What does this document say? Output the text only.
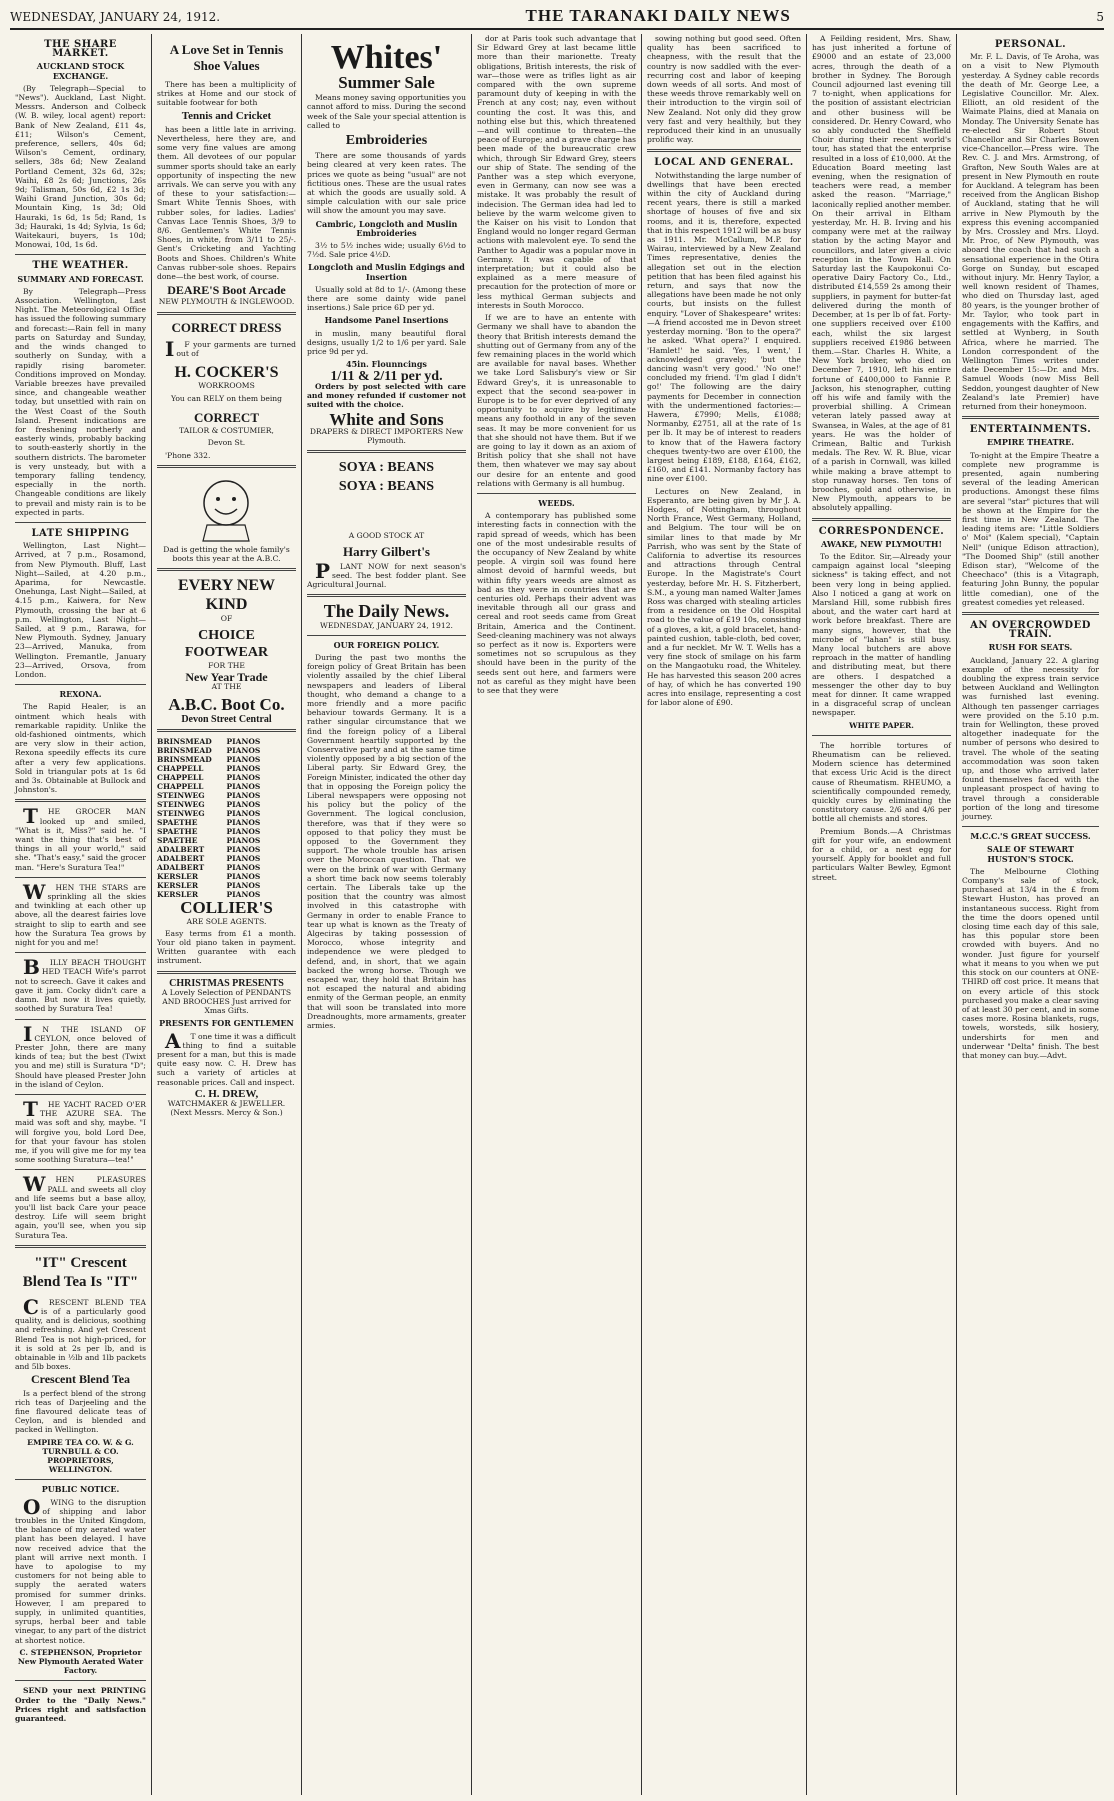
WEDNESDAY, JANUARY 24, 1912.	THE TARANAKI DAILY NEWS	5
THE SHARE MARKET.
AUCKLAND STOCK EXCHANGE.

(By Telegraph—Special to "News"). Auckland, Last Night. Messrs. Anderson and Colbeck (W. B. wiley, local agent) report: Bank of New Zealand, £11 4s, £11; Wilson's Cement, preference, sellers, 40s 6d; Wilson's Cement, ordinary, sellers, 38s 6d; New Zealand Portland Cement, 32s 6d, 32s; Waihi, £8 2s 6d; Junctions, 26s 9d; Talisman, 50s 6d, £2 1s 3d; Waihi Grand Junction, 30s 6d; Mountain King, 1s 3d; Old Hauraki, 1s 6d, 1s 5d; Rand, 1s 3d; Hauraki, 1s 4d; Sylvia, 1s 6d; Waitekauri, buyers, 1s 10d; Monowai, 10d, 1s 6d.

THE WEATHER.
SUMMARY AND FORECAST.

By Telegraph—Press Association. Wellington, Last Night. The Meteorological Office has issued the following summary and forecast:—Rain fell in many parts on Saturday and Sunday, and the winds changed to southerly on Sunday, with a rapidly rising barometer. Conditions improved on Monday. Variable breezes have prevailed since, and changeable weather today, but unsettled with rain on the West Coast of the South Island. Present indications are for freshening northerly and easterly winds, probably backing to south-easterly shortly in the southern districts. The barometer is very unsteady, but with a temporary falling tendency, especially in the north. Changeable conditions are likely to prevail and misty rain is to be expected in parts.

LATE SHIPPING

Wellington, Last Night—Arrived, at 7 p.m., Rosamond, from New Plymouth. Bluff, Last Night—Sailed, at 4.20 p.m., Aparima, for Newcastle. Onehunga, Last Night—Sailed, at 4.15 p.m., Kaiwera, for New Plymouth, crossing the bar at 6 p.m. Wellington, Last Night—Sailed, at 9 p.m., Rarawa, for New Plymouth. Sydney, January 23—Arrived, Manuka, from Wellington. Fremantle, January 23—Arrived, Orsova, from London.

REXONA.

The Rapid Healer, is an ointment which heals with remarkable rapidity. Unlike the old-fashioned ointments, which are very slow in their action, Rexona speedily effects its cure after a very few applications. Sold in triangular pots at 1s 6d and 3s. Obtainable at Bullock and Johnston's.

THE GROCER MAN looked up and smiled, "What is it, Miss?" said he. "I want the thing that's best of things in all your world," said she. "That's easy," said the grocer man. "Here's Suratura Tea!"

WHEN THE STARS are sprinkling all the skies and twinkling at each other up above, all the dearest fairies love straight to slip to earth and see how the Suratura Tea grows by night for you and me!

BILLY BEACH THOUGHT HED TEACH Wife's parrot not to screech. Gave it cakes and gave it jam. Cocky didn't care a damn. But now it lives quietly, soothed by Suratura Tea!

IN THE ISLAND OF CEYLON, once beloved of Prester John, there are many kinds of tea; but the best (Twixt you and me) still is Suratura "D"; Should have pleased Prester John in the island of Ceylon.

THE YACHT RACED O'ER THE AZURE SEA. The maid was soft and shy, maybe. "I will forgive you, bold Lord Dee, for that your favour has stolen me, if you will give me for my tea some soothing Suratura—tea!"

WHEN PLEASURES PALL and sweets all cloy and life seems but a base alloy, you'll list back Care your peace destroy. Life will seem bright again, you'll see, when you sip Suratura Tea.

"IT" Crescent Blend Tea Is "IT"

CRESCENT BLEND TEA is of a particularly good quality, and is delicious, soothing and refreshing. And yet Crescent Blend Tea is not high-priced, for it is sold at 2s per lb, and is obtainable in ½lb and 1lb packets and 5lb boxes.

Crescent Blend Tea

Is a perfect blend of the strong rich teas of Darjeeling and the fine flavoured delicate teas of Ceylon, and is blended and packed in Wellington.

EMPIRE TEA CO. W. & G. TURNBULL & CO. PROPRIETORS, WELLINGTON.

PUBLIC NOTICE.

OWING to the disruption of shipping and labor troubles in the United Kingdom, the balance of my aerated water plant has been delayed. I have now received advice that the plant will arrive next month. I have to apologise to my customers for not being able to supply the aerated waters promised for summer drinks. However, I am prepared to supply, in unlimited quantities, syrups, herbal beer and table vinegar, to any part of the district at shortest notice.

C. STEPHENSON, Proprietor New Plymouth Aerated Water Factory.

SEND your next PRINTING Order to the "Daily News." Prices right and satisfaction guaranteed.

A Love Set in Tennis Shoe Values

There has been a multiplicity of strikes at Home and our stock of suitable footwear for both

Tennis and Cricket

has been a little late in arriving. Nevertheless, here they are, and some very fine values are among them. All devotees of our popular summer sports should take an early opportunity of inspecting the new arrivals. We can serve you with any of these to your satisfaction:— Smart White Tennis Shoes, with rubber soles, for ladies. Ladies' Canvas Lace Tennis Shoes, 3/9 to 8/6. Gentlemen's White Tennis Shoes, in white, from 3/11 to 25/-. Gent's Cricketing and Yachting Boots and Shoes. Children's White Canvas rubber-sole shoes. Repairs done—the best work, of course.

DEARE'S Boot Arcade

NEW PLYMOUTH & INGLEWOOD.

CORRECT DRESS

IF your garments are turned out of

H. COCKER'S

WORKROOMS

You can RELY on them being

CORRECT

TAILOR & COSTUMIER,

Devon St.

'Phone 332.

Dad is getting the whole family's boots this year at the A.B.C.

EVERY NEW KIND

OF

CHOICE FOOTWEAR

FOR THE

New Year Trade

AT THE

A.B.C. Boot Co.
Devon Street Central
BRINSMEAD	PIANOS
BRINSMEAD	PIANOS
BRINSMEAD	PIANOS
CHAPPELL	PIANOS
CHAPPELL	PIANOS
CHAPPELL	PIANOS
STEINWEG	PIANOS
STEINWEG	PIANOS
STEINWEG	PIANOS
SPAETHE	PIANOS
SPAETHE	PIANOS
SPAETHE	PIANOS
ADALBERT	PIANOS
ADALBERT	PIANOS
ADALBERT	PIANOS
KERSLER	PIANOS
KERSLER	PIANOS
KERSLER	PIANOS
COLLIER'S

ARE SOLE AGENTS.

Easy terms from £1 a month. Your old piano taken in payment. Written guarantee with each instrument.

CHRISTMAS PRESENTS

A Lovely Selection of PENDANTS AND BROOCHES Just arrived for Xmas Gifts.

PRESENTS FOR GENTLEMEN

AT one time it was a difficult thing to find a suitable present for a man, but this is made quite easy now. C. H. Drew has such a variety of articles at reasonable prices. Call and inspect.

C. H. DREW,

WATCHMAKER & JEWELLER. (Next Messrs. Mercy & Son.)

Whites'
Summer Sale

Means money saving opportunities you cannot afford to miss. During the second week of the Sale your special attention is called to

Embroideries

There are some thousands of yards being cleared at very keen rates. The prices we quote as being "usual" are not fictitious ones. These are the usual rates at which the goods are usually sold. A simple calculation with our sale price will show the amount you may save.

Cambric, Longcloth and Muslin Embroideries

3½ to 5½ inches wide; usually 6½d to 7½d. Sale price 4½D.

Longcloth and Muslin Edgings and Insertion

Usually sold at 8d to 1/-. (Among these there are some dainty wide panel insertions.) Sale price 6D per yd.

Handsome Panel Insertions

in muslin, many beautiful floral designs, usually 1/2 to 1/6 per yard. Sale price 9d per yd.

45in. Flounncings
1/11 & 2/11 per yd.

Orders by post selected with care and money refunded if customer not suited with the choice.

White and Sons

DRAPERS & DIRECT IMPORTERS New Plymouth.

SOYA : BEANS
SOYA : BEANS

A GOOD STOCK AT

Harry Gilbert's

PLANT NOW for next season's seed. The best fodder plant. See Agricultural Journal.

The Daily News.

WEDNESDAY, JANUARY 24, 1912.

OUR FOREIGN POLICY.

During the past two months the foreign policy of Great Britain has been violently assailed by the chief Liberal newspapers and leaders of Liberal thought, who demand a change to a more friendly and a more pacific behaviour towards Germany. It is a rather singular circumstance that we find the foreign policy of a Liberal Government heartily supported by the Conservative party and at the same time violently opposed by a big section of the Liberal party. Sir Edward Grey, the Foreign Minister, indicated the other day that in opposing the Foreign policy the Liberal newspapers were opposing not his policy but the policy of the Government. The logical conclusion, therefore, was that if they were so opposed to that policy they must be opposed to the Government they support. The whole trouble has arisen over the Moroccan question. That we were on the brink of war with Germany a short time back now seems tolerably certain. The Liberals take up the position that the country was almost involved in this catastrophe with Germany in order to enable France to tear up what is known as the Treaty of Algeciras by taking possession of Morocco, whose integrity and independence we were pledged to defend, and, in short, that we again backed the wrong horse. Though we escaped war, they hold that Britain has not escaped the natural and abiding enmity of the German people, an enmity that will soon be translated into more Dreadnoughts, more armaments, greater armies.

dor at Paris took such advantage that Sir Edward Grey at last became little more than their marionette. Treaty obligations, British interests, the risk of war—those were as trifles light as air compared with the own supreme paramount duty of keeping in with the French at any cost; nay, even without counting the cost. It was this, and nothing else but this, which threatened—and will continue to threaten—the peace of Europe; and a grave charge has been made of the bureaucratic crew which, through Sir Edward Grey, steers our ship of State. The sending of the Panther was a step which everyone, even in Germany, can now see was a mistake. It was probably the result of indecision. The German idea had led to believe by the warm welcome given to the Kaiser on his visit to London that England would no longer regard German actions with malevolent eye. To send the Panther to Agadir was a popular move in Germany. It was capable of that interpretation; but it could also be explained as a mere measure of precaution for the protection of more or less mythical German subjects and interests in South Morocco.

If we are to have an entente with Germany we shall have to abandon the theory that British interests demand the shutting out of Germany from any of the few remaining places in the world which are available for naval bases. Whether we take Lord Salisbury's view or Sir Edward Grey's, it is unreasonable to expect that the second sea-power in Europe is to be for ever deprived of any opportunity to acquire by legitimate means any foothold in any of the seven seas. It may be more convenient for us that she should not have them. But if we are going to lay it down as an axiom of British policy that she shall not have them, then whatever we may say about our desire for an entente and good relations with Germany is all humbug.

WEEDS.

A contemporary has published some interesting facts in connection with the rapid spread of weeds, which has been one of the most undesirable results of the occupancy of New Zealand by white people. A virgin soil was found here almost devoid of harmful weeds, but within fifty years weeds are almost as bad as they were in countries that are centuries old. Perhaps their advent was inevitable through all our grass and cereal and root seeds came from Great Britain, America and the Continent. Seed-cleaning machinery was not always so perfect as it now is. Exporters were sometimes not so scrupulous as they should have been in the purity of the seeds sent out here, and farmers were not as careful as they might have been to see that they were

sowing nothing but good seed. Often quality has been sacrificed to cheapness, with the result that the country is now saddled with the ever-recurring cost and labor of keeping down weeds of all sorts. And most of these weeds throve remarkably well on their introduction to the virgin soil of New Zealand. Not only did they grow very fast and very healthily, but they reproduced their kind in an unusually prolific way.

LOCAL AND GENERAL.

Notwithstanding the large number of dwellings that have been erected within the city of Auckland during recent years, there is still a marked shortage of houses of five and six rooms, and it is, therefore, expected that in this respect 1912 will be as busy as 1911. Mr. McCallum, M.P. for Wairau, interviewed by a New Zealand Times representative, denies the allegation set out in the election petition that has been filed against his return, and says that now the allegations have been made he not only courts, but insists on the fullest enquiry. "Lover of Shakespeare" writes:—A friend accosted me in Devon street yesterday morning. 'Bon to the opera?' he asked. 'What opera?' I enquired. 'Hamlet!' he said. 'Yes, I went,' I acknowledged gravely; 'but the dancing wasn't very good.' 'No one!' concluded my friend. 'I'm glad I didn't go!' The following are the dairy payments for December in connection with the undermentioned factories:—Hawera, £7990; Mells, £1088; Normanby, £2751, all at the rate of 1s per lb. It may be of interest to readers to know that of the Hawera factory cheques twenty-two are over £100, the largest being £189, £188, £164, £162, £160, and £141. Normanby factory has nine over £100.

Lectures on New Zealand, in Esperanto, are being given by Mr J. A. Hodges, of Nottingham, throughout North France, West Germany, Holland, and Belgium. The tour will be on similar lines to that made by Mr Parrish, who was sent by the State of California to advertise its resources and attractions through Central Europe. In the Magistrate's Court yesterday, before Mr. H. S. Fitzherbert, S.M., a young man named Walter James Ross was charged with stealing articles from a residence on the Old Hospital road to the value of £19 10s, consisting of a gloves, a kit, a gold bracelet, hand-painted cushion, table-cloth, bed cover, and a fur necklet. Mr W. T. Wells has a very fine stock of smilage on his farm on the Mangaotuku road, the Whiteley. He has harvested this season 200 acres of hay, of which he has converted 190 acres into ensilage, representing a cost for labor alone of £90.

A Feilding resident, Mrs. Shaw, has just inherited a fortune of £9000 and an estate of 23,000 acres, through the death of a brother in Sydney. The Borough Council adjourned last evening till 7 to-night, when applications for the position of assistant electrician and other business will be considered. Dr. Henry Coward, who so ably conducted the Sheffield Choir during their recent world's tour, has stated that the enterprise resulted in a loss of £10,000. At the Education Board meeting last evening, when the resignation of teachers were read, a member asked the reason. "Marriage," laconically replied another member. On their arrival in Eltham yesterday, Mr. H. B. Irving and his company were met at the railway station by the acting Mayor and councillors, and later given a civic reception in the Town Hall. On Saturday last the Kaupokonui Co-operative Dairy Factory Co., Ltd., distributed £14,559 2s among their suppliers, in payment for butter-fat delivered during the month of December, at 1s per lb of fat. Forty-one suppliers received over £100 each, whilst the six largest suppliers received £1986 between them.—Star. Charles H. White, a New York broker, who died on December 7, 1910, left his entire fortune of £400,000 to Fannie P. Jackson, his stenographer, cutting off his wife and family with the proverbial shilling. A Crimean veteran lately passed away at Swansea, in Wales, at the age of 81 years. He was the holder of Crimean, Baltic and Turkish medals. The Rev. W. R. Blue, vicar of a parish in Cornwall, was killed while making a brave attempt to stop runaway horses. Ten tons of brooches, gold and otherwise, in New Plymouth, appears to be absolutely appalling.

CORRESPONDENCE.
AWAKE, NEW PLYMOUTH!

To the Editor. Sir,—Already your campaign against local "sleeping sickness" is taking effect, and not been very long in being applied. Also I noticed a gang at work on Marsland Hill, some rubbish fires about, and the water cart hard at work before breakfast. There are many signs, however, that the microbe of "lahan" is still busy. Many local butchers are above reproach in the matter of handling and distributing meat, but there are others. I despatched a messenger the other day to buy meat for dinner. It came wrapped in a disgraceful scrap of unclean newspaper.

WHITE PAPER.

The horrible tortures of Rheumatism can be relieved. Modern science has determined that excess Uric Acid is the direct cause of Rheumatism. RHEUMO, a scientifically compounded remedy, quickly cures by eliminating the constitutory cause. 2/6 and 4/6 per bottle all chemists and stores.

Premium Bonds.—A Christmas gift for your wife, an endowment for a child, or a nest egg for yourself. Apply for booklet and full particulars Walter Bewley, Egmont street.

PERSONAL.

Mr. F. L. Davis, of Te Aroha, was on a visit to New Plymouth yesterday. A Sydney cable records the death of Mr. George Lee, a Legislative Councillor. Mr. Alex. Elliott, an old resident of the Waimate Plains, died at Manaia on Monday. The University Senate has re-elected Sir Robert Stout Chancellor and Sir Charles Bowen vice-Chancellor.—Press wire. The Rev. C. J. and Mrs. Armstrong, of Grafton, New South Wales are at present in New Plymouth en route for Auckland. A telegram has been received from the Anglican Bishop of Auckland, stating that he will arrive in New Plymouth by the express this evening accompanied by Mrs. Crossley and Mrs. Lloyd. Mr. Proc, of New Plymouth, was aboard the coach that had such a sensational experience in the Otira Gorge on Sunday, but escaped without injury. Mr. Henry Taylor, a well known resident of Thames, who died on Thursday last, aged 80 years, is the younger brother of Mr. Taylor, who took part in engagements with the Kaffirs, and settled at Wynberg, in South Africa, where he married. The London correspondent of the Wellington Times writes under date December 15:—Dr. and Mrs. Samuel Woods (now Miss Bell Seddon, youngest daughter of New Zealand's late Premier) have returned from their honeymoon.

ENTERTAINMENTS.
EMPIRE THEATRE.

To-night at the Empire Theatre a complete new programme is presented, again numbering several of the leading American productions. Amongst these films are several "star" pictures that will be shown at the Empire for the first time in New Zealand. The leading items are: "Little Soldiers o' Moi" (Kalem special), "Captain Nell" (unique Edison attraction), "The Doomed Ship" (still another Edison star), "Welcome of the Cheechaco" (this is a Vitagraph, featuring John Bunny, the popular little comedian), one of the greatest comedies yet released.

AN OVERCROWDED TRAIN.
RUSH FOR SEATS.

Auckland, January 22. A glaring example of the necessity for doubling the express train service between Auckland and Wellington was furnished last evening. Although ten passenger carriages were provided on the 5.10 p.m. train for Wellington, these proved altogether inadequate for the number of persons who desired to travel. The whole of the seating accommodation was soon taken up, and those who arrived later found themselves faced with the unpleasant prospect of having to travel through a considerable portion of the long and tiresome journey.

M.C.C.'S GREAT SUCCESS.
SALE OF STEWART HUSTON'S STOCK.

The Melbourne Clothing Company's sale of stock, purchased at 13/4 in the £ from Stewart Huston, has proved an instantaneous success. Right from the time the doors opened until closing time each day of this sale, has this popular store been crowded with buyers. And no wonder. Just figure for yourself what it means to you when we put this stock on our counters at ONE-THIRD off cost price. It means that on every article of this stock purchased you make a clear saving of at least 30 per cent, and in some cases more. Rosina blankets, rugs, towels, worsteds, silk hosiery, undershirts for men and underwear "Delta" finish. The best that money can buy.—Advt.
